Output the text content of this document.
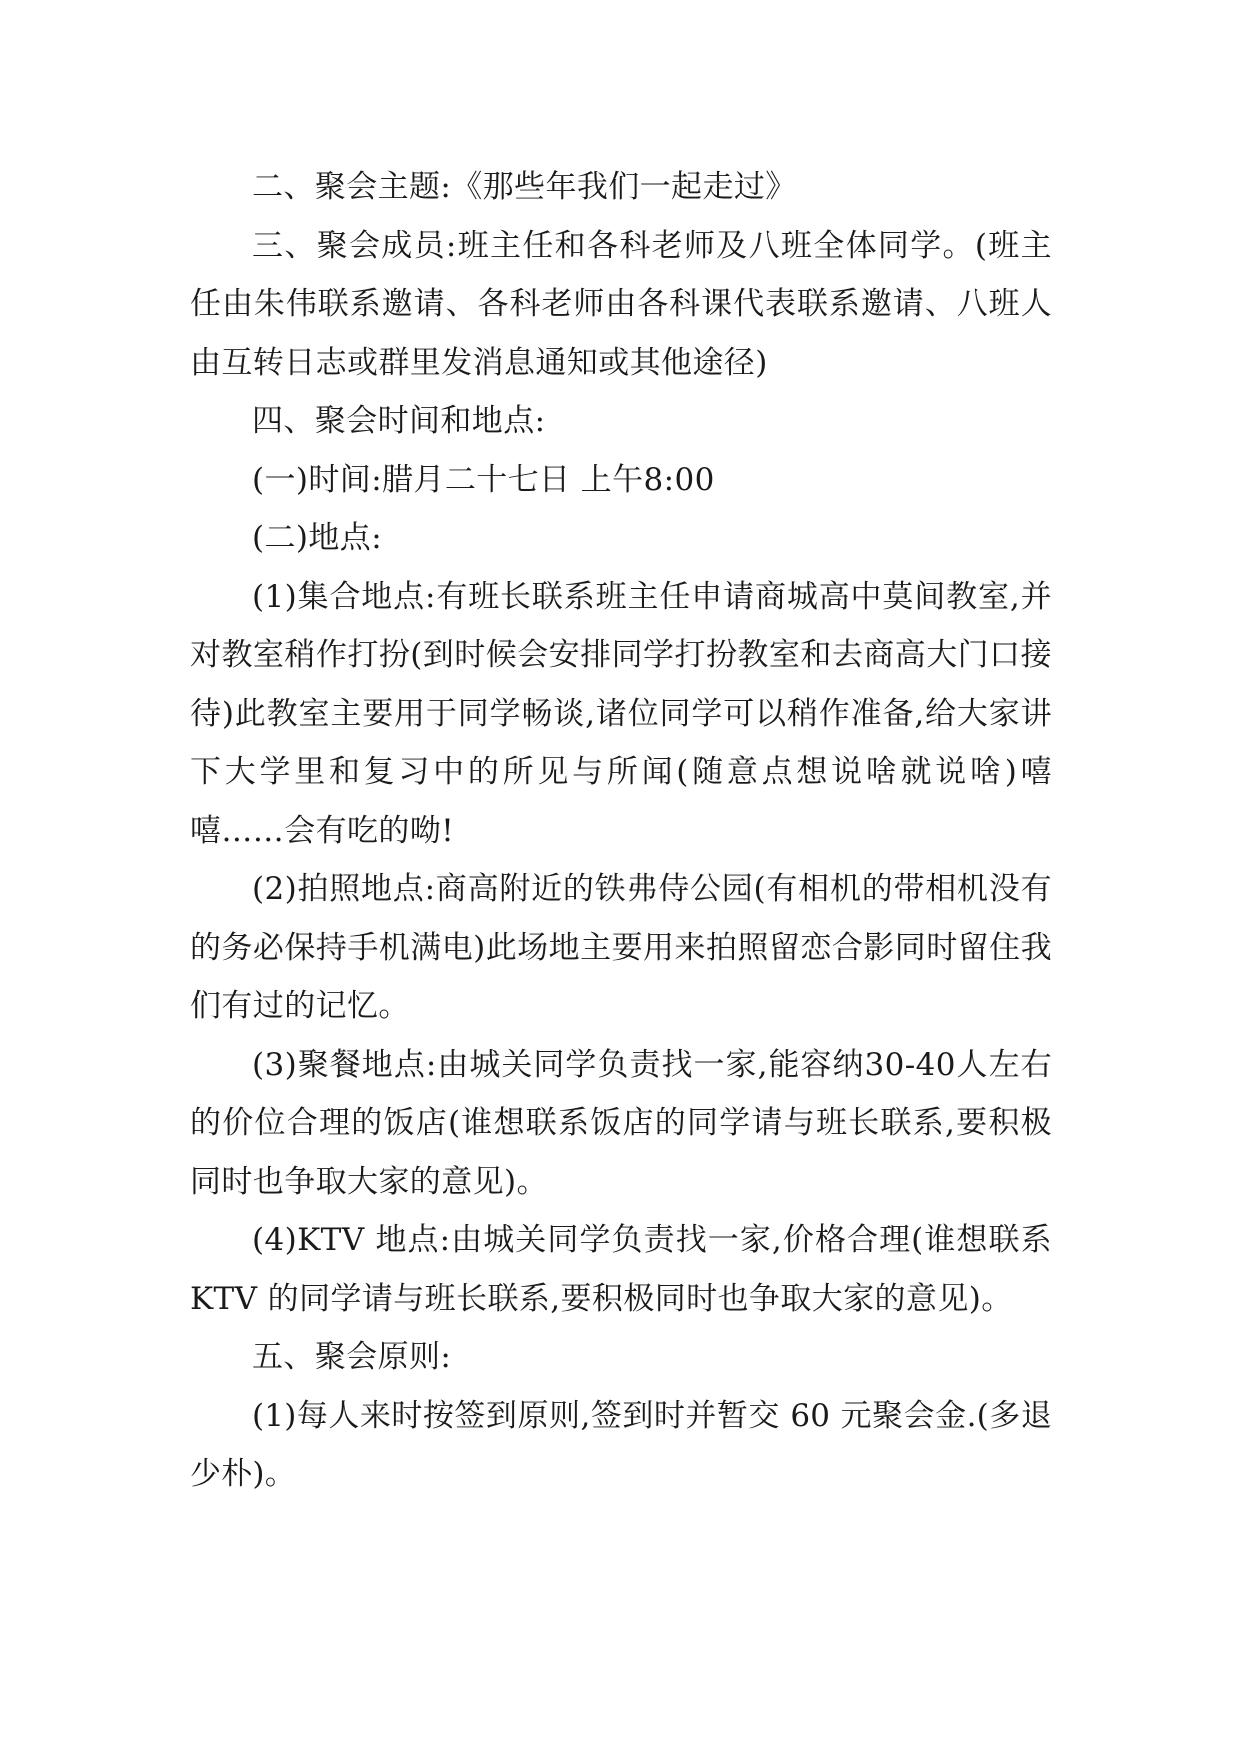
二、聚会主题:《那些年我们一起走过》

三、聚会成员:班主任和各科老师及八班全体同学。(班主任由朱伟联系邀请、各科老师由各科课代表联系邀请、八班人由互转日志或群里发消息通知或其他途径)

四、聚会时间和地点:

(一)时间:腊月二十七日 上午8:00

(二)地点:

(1)集合地点:有班长联系班主任申请商城高中莫间教室,并对教室稍作打扮(到时候会安排同学打扮教室和去商高大门口接待)此教室主要用于同学畅谈,诸位同学可以稍作准备,给大家讲下大学里和复习中的所见与所闻(随意点想说啥就说啥)嘻嘻……会有吃的呦!

(2)拍照地点:商高附近的铁弗侍公园(有相机的带相机没有的务必保持手机满电)此场地主要用来拍照留恋合影同时留住我们有过的记忆。

(3)聚餐地点:由城关同学负责找一家,能容纳30-40人左右的价位合理的饭店(谁想联系饭店的同学请与班长联系,要积极同时也争取大家的意见)。

(4)KTV 地点:由城关同学负责找一家,价格合理(谁想联系 KTV 的同学请与班长联系,要积极同时也争取大家的意见)。

五、聚会原则:

(1)每人来时按签到原则,签到时并暂交 60 元聚会金.(多退少朴)。
